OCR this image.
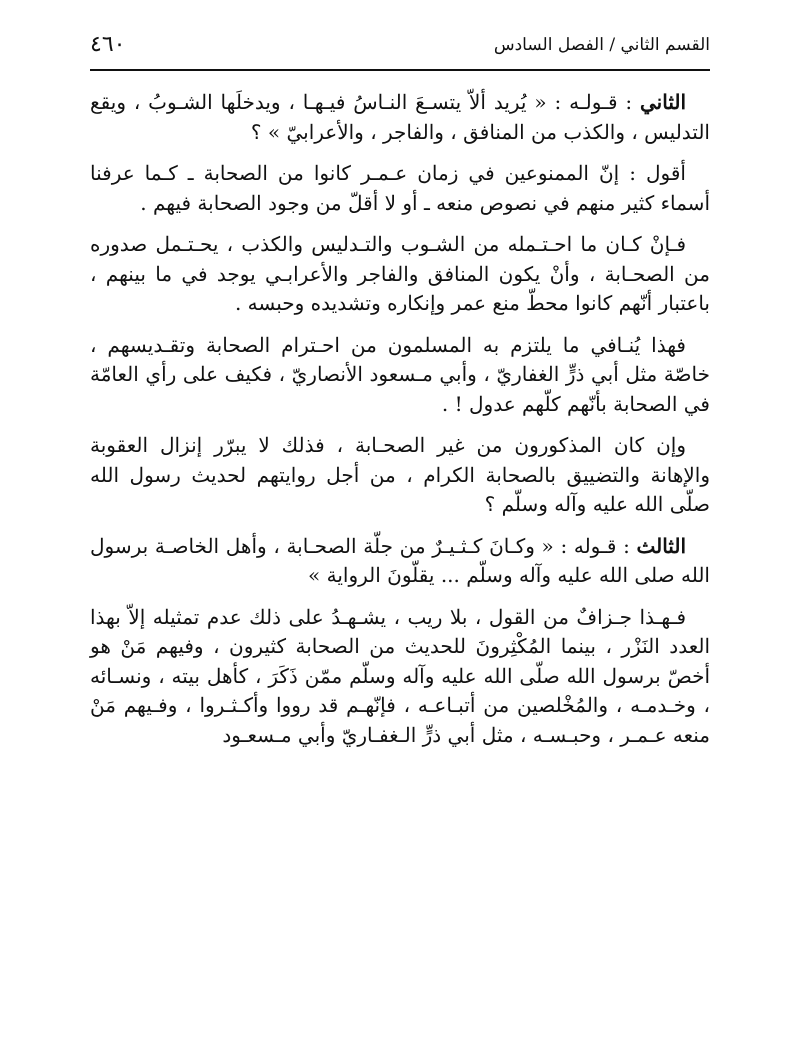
القسم الثاني / الفصل السادس
٤٦٠

الثاني : قـولـه : « يُريد ألاّ يتسـعَ النـاسُ فيـهـا ، ويدخلَها الشـوبُ ، ويقع التدليس ، والكذب من المنافق ، والفاجر ، والأعرابيّ » ؟

أقول : إنّ الممنوعين في زمان عـمـر كانوا من الصحابة ـ كـما عرفنا أسماء كثير منهم في نصوص منعه ـ أو لا أقلّ من وجود الصحابة فيهم .

فـإنْ كـان ما احـتـمله من الشـوب والتـدليس والكذب ، يحـتـمل صدوره من الصحـابة ، وأنْ يكون المنافق والفاجر والأعرابـي يوجد في ما بينهم ، باعتبار أنّهم كانوا محطّ منع عمر وإنكاره وتشديده وحبسه .

فهذا يُنـافي ما يلتزم به المسلمون من احـترام الصحابة وتقـديسهم ، خاصّة مثل أبي ذرٍّ الغفاريّ ، وأبي مـسعود الأنصاريّ ، فكيف على رأي العامّة في الصحابة بأنّهم كلّهم عدول ! .

وإن كان المذكورون من غير الصحـابة ، فذلك لا يبرّر إنزال العقوبة والإهانة والتضييق بالصحابة الكرام ، من أجل روايتهم لحديث رسول الله صلّى الله عليه وآله وسلّم ؟

الثالث : قـوله : « وكـانَ كـثـيـرٌ من جلّة الصحـابة ، وأهل الخاصـة برسول الله صلى الله عليه وآله وسلّم ... يقلّونَ الرواية »

فـهـذا جـزافٌ من القول ، بلا ريب ، يشـهـدُ على ذلك عدم تمثيله إلاّ بهذا العدد النَزْر ، بينما المُكْثِرونَ للحديث من الصحابة كثيرون ، وفيهم مَنْ هو أخصّ برسول الله صلّى الله عليه وآله وسلّم ممّن ذَكَرَ ، كأهل بيته ، ونسـائه ، وخـدمـه ، والمُخْلصين من أتبـاعـه ، فإنّهـم قد رووا وأكـثـروا ، وفـيهم مَنْ منعه عـمـر ، وحبـسـه ، مثل أبي ذرٍّ الـغفـاريّ وأبي مـسعـود
